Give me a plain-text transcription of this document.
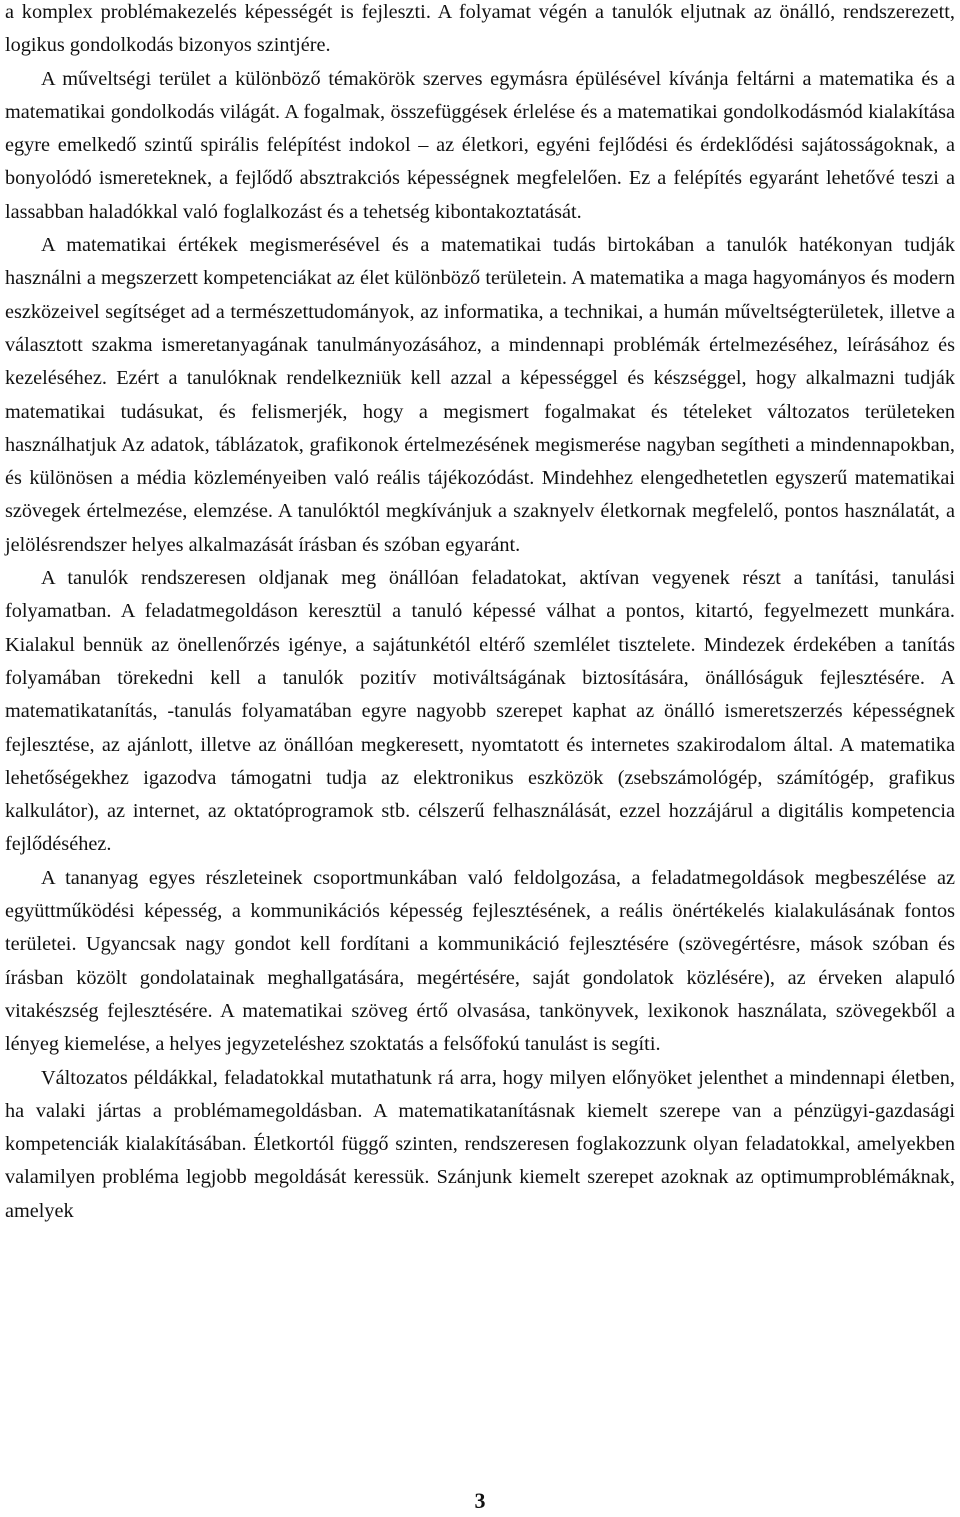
a komplex problémakezelés képességét is fejleszti. A folyamat végén a tanulók eljutnak az önálló, rendszerezett, logikus gondolkodás bizonyos szintjére.

A műveltségi terület a különböző témakörök szerves egymásra épülésével kívánja feltárni a matematika és a matematikai gondolkodás világát. A fogalmak, összefüggések érlelése és a matematikai gondolkodásmód kialakítása egyre emelkedő szintű spirális felépítést indokol – az életkori, egyéni fejlődési és érdeklődési sajátosságoknak, a bonyolódó ismereteknek, a fejlődő absztrakciós képességnek megfelelően. Ez a felépítés egyaránt lehetővé teszi a lassabban haladókkal való foglalkozást és a tehetség kibontakoztatását.

A matematikai értékek megismerésével és a matematikai tudás birtokában a tanulók hatékonyan tudják használni a megszerzett kompetenciákat az élet különböző területein. A matematika a maga hagyományos és modern eszközeivel segítséget ad a természettudományok, az informatika, a technikai, a humán műveltségterületek, illetve a választott szakma ismeretanyagának tanulmányozásához, a mindennapi problémák értelmezéséhez, leírásához és kezeléséhez. Ezért a tanulóknak rendelkezniük kell azzal a képességgel és készséggel, hogy alkalmazni tudják matematikai tudásukat, és felismerjék, hogy a megismert fogalmakat és tételeket változatos területeken használhatjuk Az adatok, táblázatok, grafikonok értelmezésének megismerése nagyban segítheti a mindennapokban, és különösen a média közleményeiben való reális tájékozódást. Mindehhez elengedhetetlen egyszerű matematikai szövegek értelmezése, elemzése. A tanulóktól megkívánjuk a szaknyelv életkornak megfelelő, pontos használatát, a jelölésrendszer helyes alkalmazását írásban és szóban egyaránt.

A tanulók rendszeresen oldjanak meg önállóan feladatokat, aktívan vegyenek részt a tanítási, tanulási folyamatban. A feladatmegoldáson keresztül a tanuló képessé válhat a pontos, kitartó, fegyelmezett munkára. Kialakul bennük az önellenőrzés igénye, a sajátunkétól eltérő szemlélet tisztelete. Mindezek érdekében a tanítás folyamában törekedni kell a tanulók pozitív motiváltságának biztosítására, önállóságuk fejlesztésére. A matematikatanítás, -tanulás folyamatában egyre nagyobb szerepet kaphat az önálló ismeretszerzés képességnek fejlesztése, az ajánlott, illetve az önállóan megkeresett, nyomtatott és internetes szakirodalom által. A matematika lehetőségekhez igazodva támogatni tudja az elektronikus eszközök (zsebszámológép, számítógép, grafikus kalkulátor), az internet, az oktatóprogramok stb. célszerű felhasználását, ezzel hozzájárul a digitális kompetencia fejlődéséhez.

A tananyag egyes részleteinek csoportmunkában való feldolgozása, a feladatmegoldások megbeszélése az együttműködési képesség, a kommunikációs képesség fejlesztésének, a reális önértékelés kialakulásának fontos területei. Ugyancsak nagy gondot kell fordítani a kommunikáció fejlesztésére (szövegértésre, mások szóban és írásban közölt gondolatainak meghallgatására, megértésére, saját gondolatok közlésére), az érveken alapuló vitakészség fejlesztésére. A matematikai szöveg értő olvasása, tankönyvek, lexikonok használata, szövegekből a lényeg kiemelése, a helyes jegyzeteléshez szoktatás a felsőfokú tanulást is segíti.

Változatos példákkal, feladatokkal mutathatunk rá arra, hogy milyen előnyöket jelenthet a mindennapi életben, ha valaki jártas a problémamegoldásban. A matematikatanításnak kiemelt szerepe van a pénzügyi-gazdasági kompetenciák kialakításában. Életkortól függő szinten, rendszeresen foglakozzunk olyan feladatokkal, amelyekben valamilyen probléma legjobb megoldását keressük. Szánjunk kiemelt szerepet azoknak az optimumproblémáknak, amelyek

3
